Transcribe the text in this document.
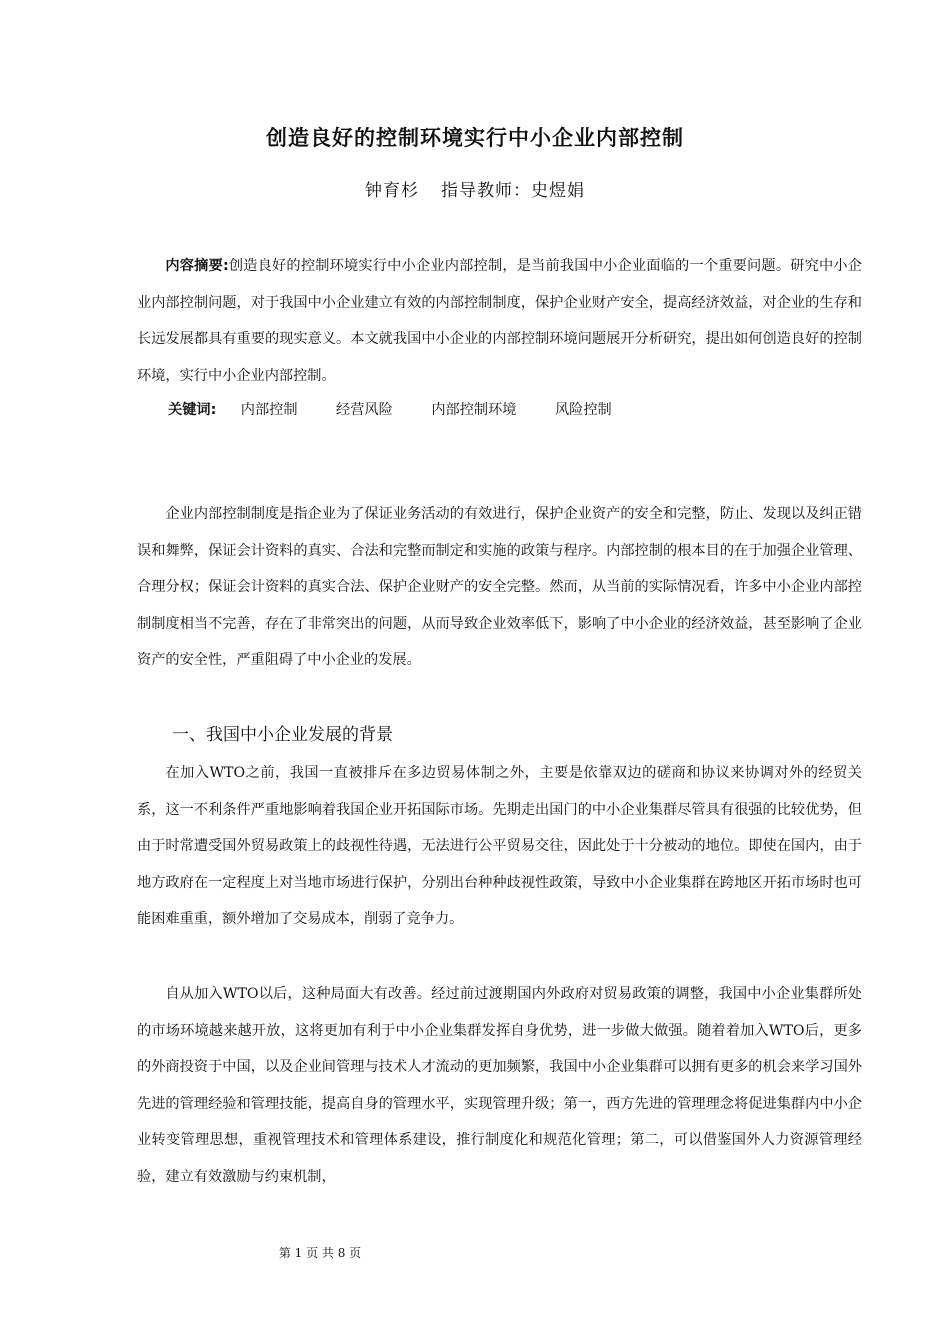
创造良好的控制环境实行中小企业内部控制
钟育杉 指导教师：史煜娟
内容摘要:创造良好的控制环境实行中小企业内部控制，是当前我国中小企业面临的一个重要问题。研究中小企业内部控制问题，对于我国中小企业建立有效的内部控制制度，保护企业财产安全，提高经济效益，对企业的生存和长远发展都具有重要的现实意义。本文就我国中小企业的内部控制环境问题展开分析研究，提出如何创造良好的控制环境，实行中小企业内部控制。
关键词: 内部控制	经营风险	内部控制环境	风险控制
企业内部控制制度是指企业为了保证业务活动的有效进行，保护企业资产的安全和完整，防止、发现以及纠正错误和舞弊，保证会计资料的真实、合法和完整而制定和实施的政策与程序。内部控制的根本目的在于加强企业管理、合理分权；保证会计资料的真实合法、保护企业财产的安全完整。然而，从当前的实际情况看，许多中小企业内部控制制度相当不完善，存在了非常突出的问题，从而导致企业效率低下，影响了中小企业的经济效益，甚至影响了企业资产的安全性，严重阻碍了中小企业的发展。
一、我国中小企业发展的背景
在加入WTO之前，我国一直被排斥在多边贸易体制之外，主要是依靠双边的磋商和协议来协调对外的经贸关系，这一不利条件严重地影响着我国企业开拓国际市场。先期走出国门的中小企业集群尽管具有很强的比较优势，但由于时常遭受国外贸易政策上的歧视性待遇，无法进行公平贸易交往，因此处于十分被动的地位。即使在国内，由于地方政府在一定程度上对当地市场进行保护，分别出台种种歧视性政策，导致中小企业集群在跨地区开拓市场时也可能困难重重，额外增加了交易成本，削弱了竞争力。
自从加入WTO以后，这种局面大有改善。经过前过渡期国内外政府对贸易政策的调整，我国中小企业集群所处的市场环境越来越开放，这将更加有利于中小企业集群发挥自身优势，进一步做大做强。随着着加入WTO后，更多的外商投资于中国，以及企业间管理与技术人才流动的更加频繁，我国中小企业集群可以拥有更多的机会来学习国外先进的管理经验和管理技能，提高自身的管理水平，实现管理升级；第一，西方先进的管理理念将促进集群内中小企业转变管理思想，重视管理技术和管理体系建设，推行制度化和规范化管理；第二，可以借鉴国外人力资源管理经验，建立有效激励与约束机制，
第 1 页 共 8 页
